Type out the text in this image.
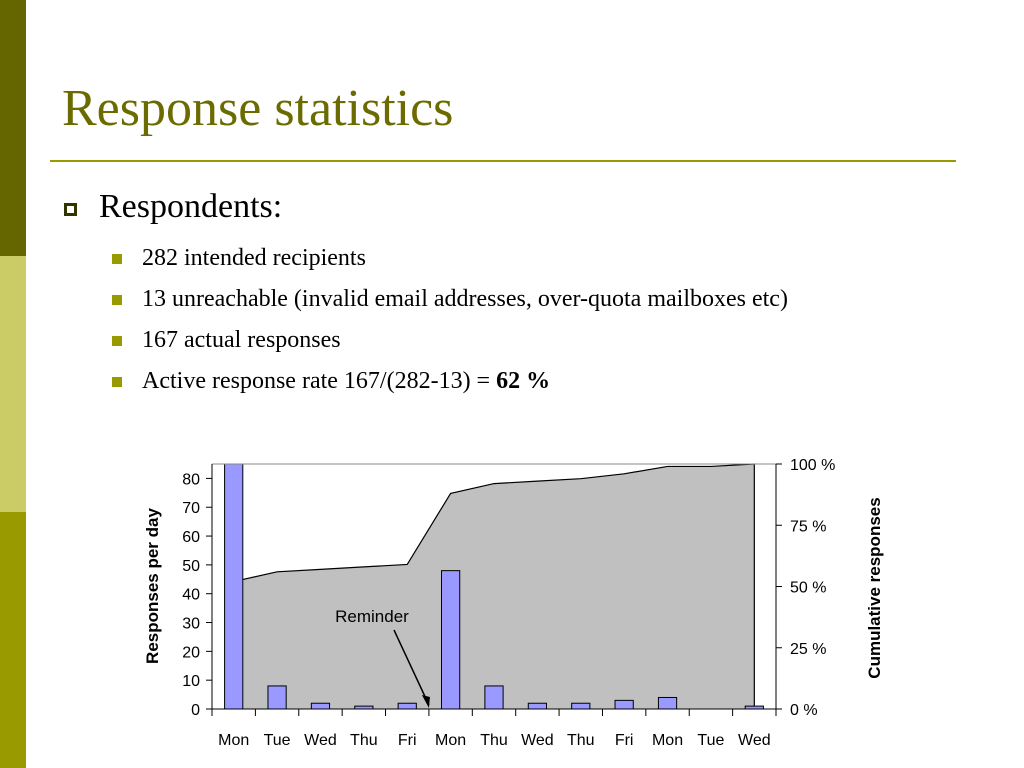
Response statistics
Respondents:
282 intended recipients
13 unreachable (invalid email addresses, over-quota mailboxes etc)
167 actual responses
Active response rate 167/(282-13) =
62 %
0
10
20
30
40
50
60
70
80
0 %
25 %
50 %
75 %
100 %
Mon Tue Wed Thu Fri Mon Thu Wed Thu Fri Mon Tue Wed
Responses per day	Cumulative responses
Reminder
